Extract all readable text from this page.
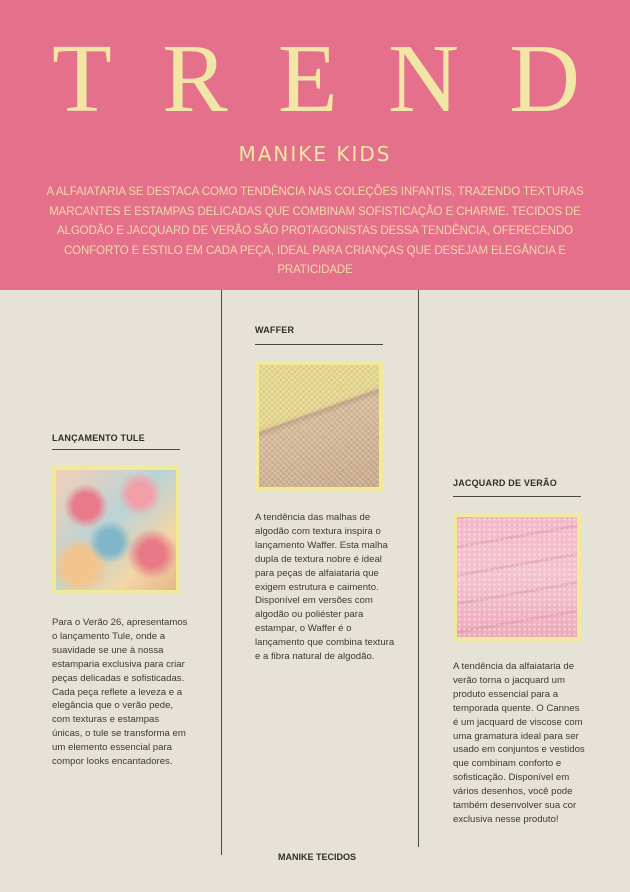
T R E N D
MANIKE KIDS
A ALFAIATARIA SE DESTACA COMO TENDÊNCIA NAS COLEÇÕES INFANTIS, TRAZENDO TEXTURAS MARCANTES E ESTAMPAS DELICADAS QUE COMBINAM SOFISTICAÇÃO E CHARME. TECIDOS DE ALGODÃO E JACQUARD DE VERÃO SÃO PROTAGONISTAS DESSA TENDÊNCIA, OFERECENDO CONFORTO E ESTILO EM CADA PEÇA, IDEAL PARA CRIANÇAS QUE DESEJAM ELEGÂNCIA E PRATICIDADE
LANÇAMENTO TULE
Para o Verão 26, apresentamos o lançamento Tule, onde a suavidade se une à nossa estamparia exclusiva para criar peças delicadas e sofisticadas. Cada peça reflete a leveza e a elegância que o verão pede, com texturas e estampas únicas, o tule se transforma em um elemento essencial para compor looks encantadores.
WAFFER
A tendência das malhas de algodão com textura inspira o lançamento Waffer. Esta malha dupla de textura nobre é ideal para peças de alfaiataria que exigem estrutura e caimento. Disponível em versões com algodão ou poliéster para estampar, o Waffer é o lançamento que combina textura e a fibra natural de algodão.
JACQUARD DE VERÃO
A tendência da alfaiataria de verão torna o jacquard um produto essencial para a temporada quente. O Cannes é um jacquard de viscose com uma gramatura ideal para ser usado em conjuntos e vestidos que combinam conforto e sofisticação. Disponível em vários desenhos, você pode também desenvolver sua cor exclusiva nesse produto!
MANIKE TECIDOS
